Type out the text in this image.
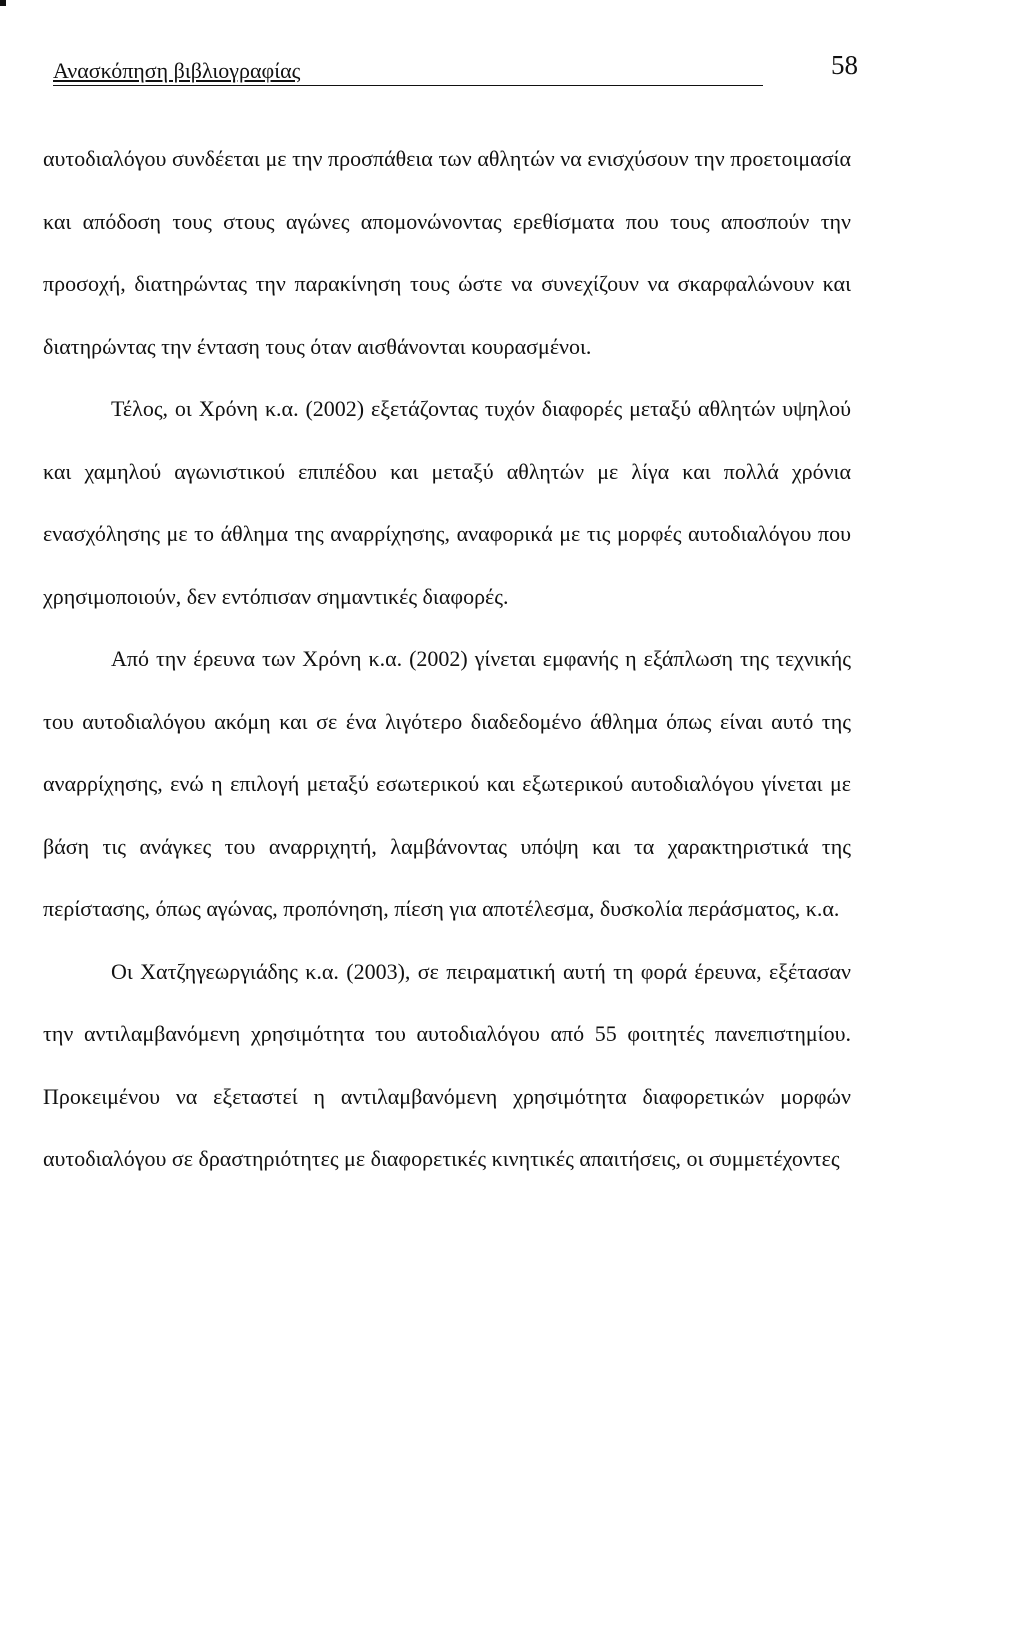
Ανασκόπηση βιβλιογραφίας	58

αυτοδιαλόγου συνδέεται με την προσπάθεια των αθλητών να ενισχύσουν την προετοιμασία και απόδοση τους στους αγώνες απομονώνοντας ερεθίσματα που τους αποσπούν την προσοχή, διατηρώντας την παρακίνηση τους ώστε να συνεχίζουν να σκαρφαλώνουν και διατηρώντας την ένταση τους όταν αισθάνονται κουρασμένοι.

Τέλος, οι Χρόνη κ.α. (2002) εξετάζοντας τυχόν διαφορές μεταξύ αθλητών υψηλού και χαμηλού αγωνιστικού επιπέδου και μεταξύ αθλητών με λίγα και πολλά χρόνια ενασχόλησης με το άθλημα της αναρρίχησης, αναφορικά με τις μορφές αυτοδιαλόγου που χρησιμοποιούν, δεν εντόπισαν σημαντικές διαφορές.

Από την έρευνα των Χρόνη κ.α. (2002) γίνεται εμφανής η εξάπλωση της τεχνικής του αυτοδιαλόγου ακόμη και σε ένα λιγότερο διαδεδομένο άθλημα όπως είναι αυτό της αναρρίχησης, ενώ η επιλογή μεταξύ εσωτερικού και εξωτερικού αυτοδιαλόγου γίνεται με βάση τις ανάγκες του αναρριχητή, λαμβάνοντας υπόψη και τα χαρακτηριστικά της περίστασης, όπως αγώνας, προπόνηση, πίεση για αποτέλεσμα, δυσκολία περάσματος, κ.α.

Οι Χατζηγεωργιάδης κ.α. (2003), σε πειραματική αυτή τη φορά έρευνα, εξέτασαν την αντιλαμβανόμενη χρησιμότητα του αυτοδιαλόγου από 55 φοιτητές πανεπιστημίου. Προκειμένου να εξεταστεί η αντιλαμβανόμενη χρησιμότητα διαφορετικών μορφών αυτοδιαλόγου σε δραστηριότητες με διαφορετικές κινητικές απαιτήσεις, οι συμμετέχοντες
